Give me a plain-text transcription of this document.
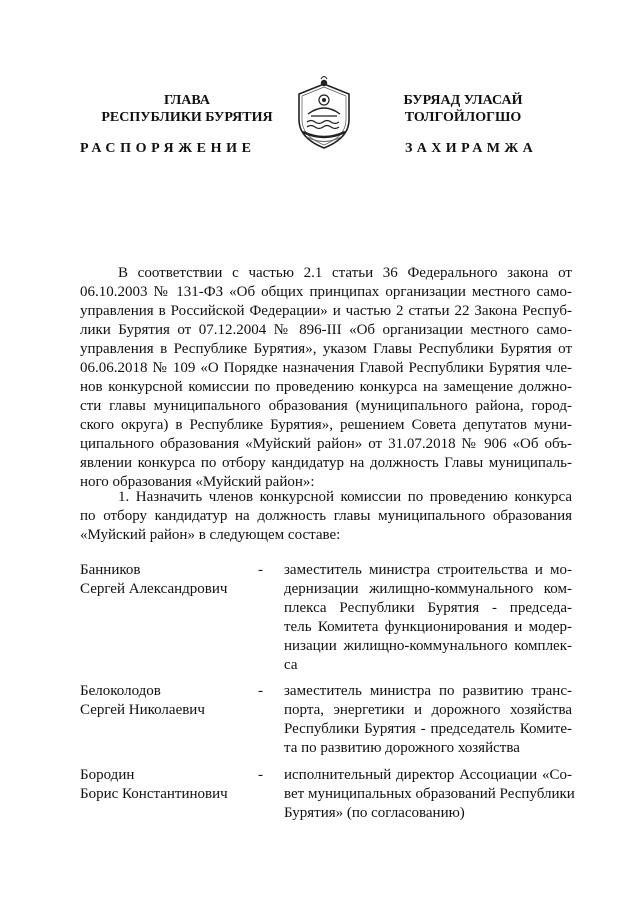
ГЛАВА
РЕСПУБЛИКИ БУРЯТИЯ
БУРЯАД УЛАСАЙ
ТОЛГОЙЛОГШО
РАСПОРЯЖЕНИЕ	ЗАХИРАМЖА
В соответствии с частью 2.1 статьи 36 Федерального закона от
06.10.2003 № 131-ФЗ «Об общих принципах организации местного само-
управления в Российской Федерации» и частью 2 статьи 22 Закона Респуб-
лики Бурятия от 07.12.2004 № 896-III «Об организации местного само-
управления в Республике Бурятия», указом Главы Республики Бурятия от
06.06.2018 № 109 «О Порядке назначения Главой Республики Бурятия чле-
нов конкурсной комиссии по проведению конкурса на замещение должно-
сти главы муниципального образования (муниципального района, город-
ского округа) в Республике Бурятия», решением Совета депутатов муни-
ципального образования «Муйский район» от 31.07.2018 № 906 «Об объ-
явлении конкурса по отбору кандидатур на должность Главы муниципаль-
ного образования «Муйский район»:
1. Назначить членов конкурсной комиссии по проведению конкурса
по отбору кандидатур на должность главы муниципального образования
«Муйский район» в следующем составе:
Банников
Сергей Александрович
- заместитель министра строительства и мо-
дернизации жилищно-коммунального ком-
плекса Республики Бурятия - председа-
тель Комитета функционирования и модер-
низации жилищно-коммунального комплек-
са
Белоколодов
Сергей Николаевич
- заместитель министра по развитию транс-
порта, энергетики и дорожного хозяйства
Республики Бурятия - председатель Комите-
та по развитию дорожного хозяйства
Бородин
Борис Константинович
- исполнительный директор Ассоциации «Со-
вет муниципальных образований Республики
Бурятия» (по согласованию)
